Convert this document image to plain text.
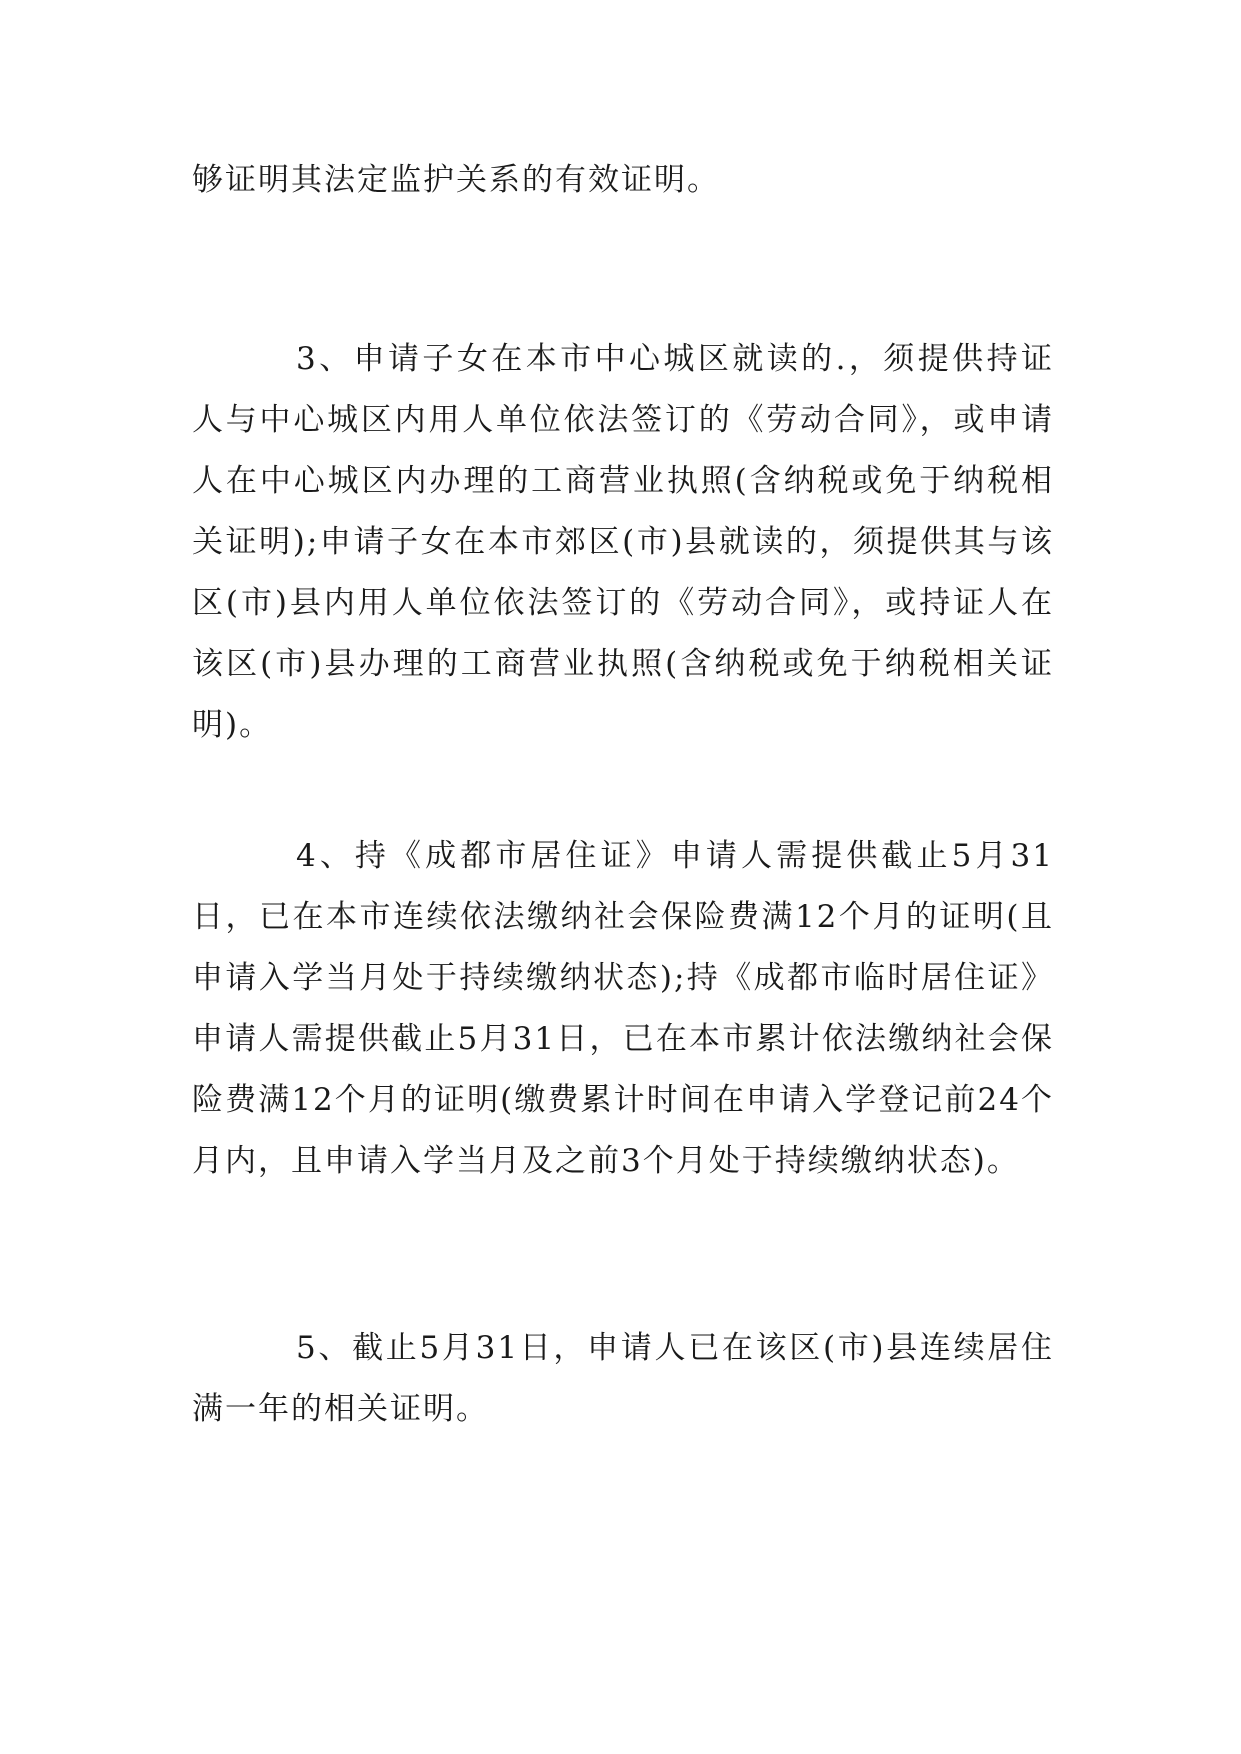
够证明其法定监护关系的有效证明。

3、申请子女在本市中心城区就读的.，须提供持证人与中心城区内用人单位依法签订的《劳动合同》，或申请人在中心城区内办理的工商营业执照(含纳税或免于纳税相关证明);申请子女在本市郊区(市)县就读的，须提供其与该区(市)县内用人单位依法签订的《劳动合同》，或持证人在该区(市)县办理的工商营业执照(含纳税或免于纳税相关证明)。

4、持《成都市居住证》申请人需提供截止5月31日，已在本市连续依法缴纳社会保险费满12个月的证明(且申请入学当月处于持续缴纳状态);持《成都市临时居住证》申请人需提供截止5月31日，已在本市累计依法缴纳社会保险费满12个月的证明(缴费累计时间在申请入学登记前24个月内，且申请入学当月及之前3个月处于持续缴纳状态)。

5、截止5月31日，申请人已在该区(市)县连续居住满一年的相关证明。
